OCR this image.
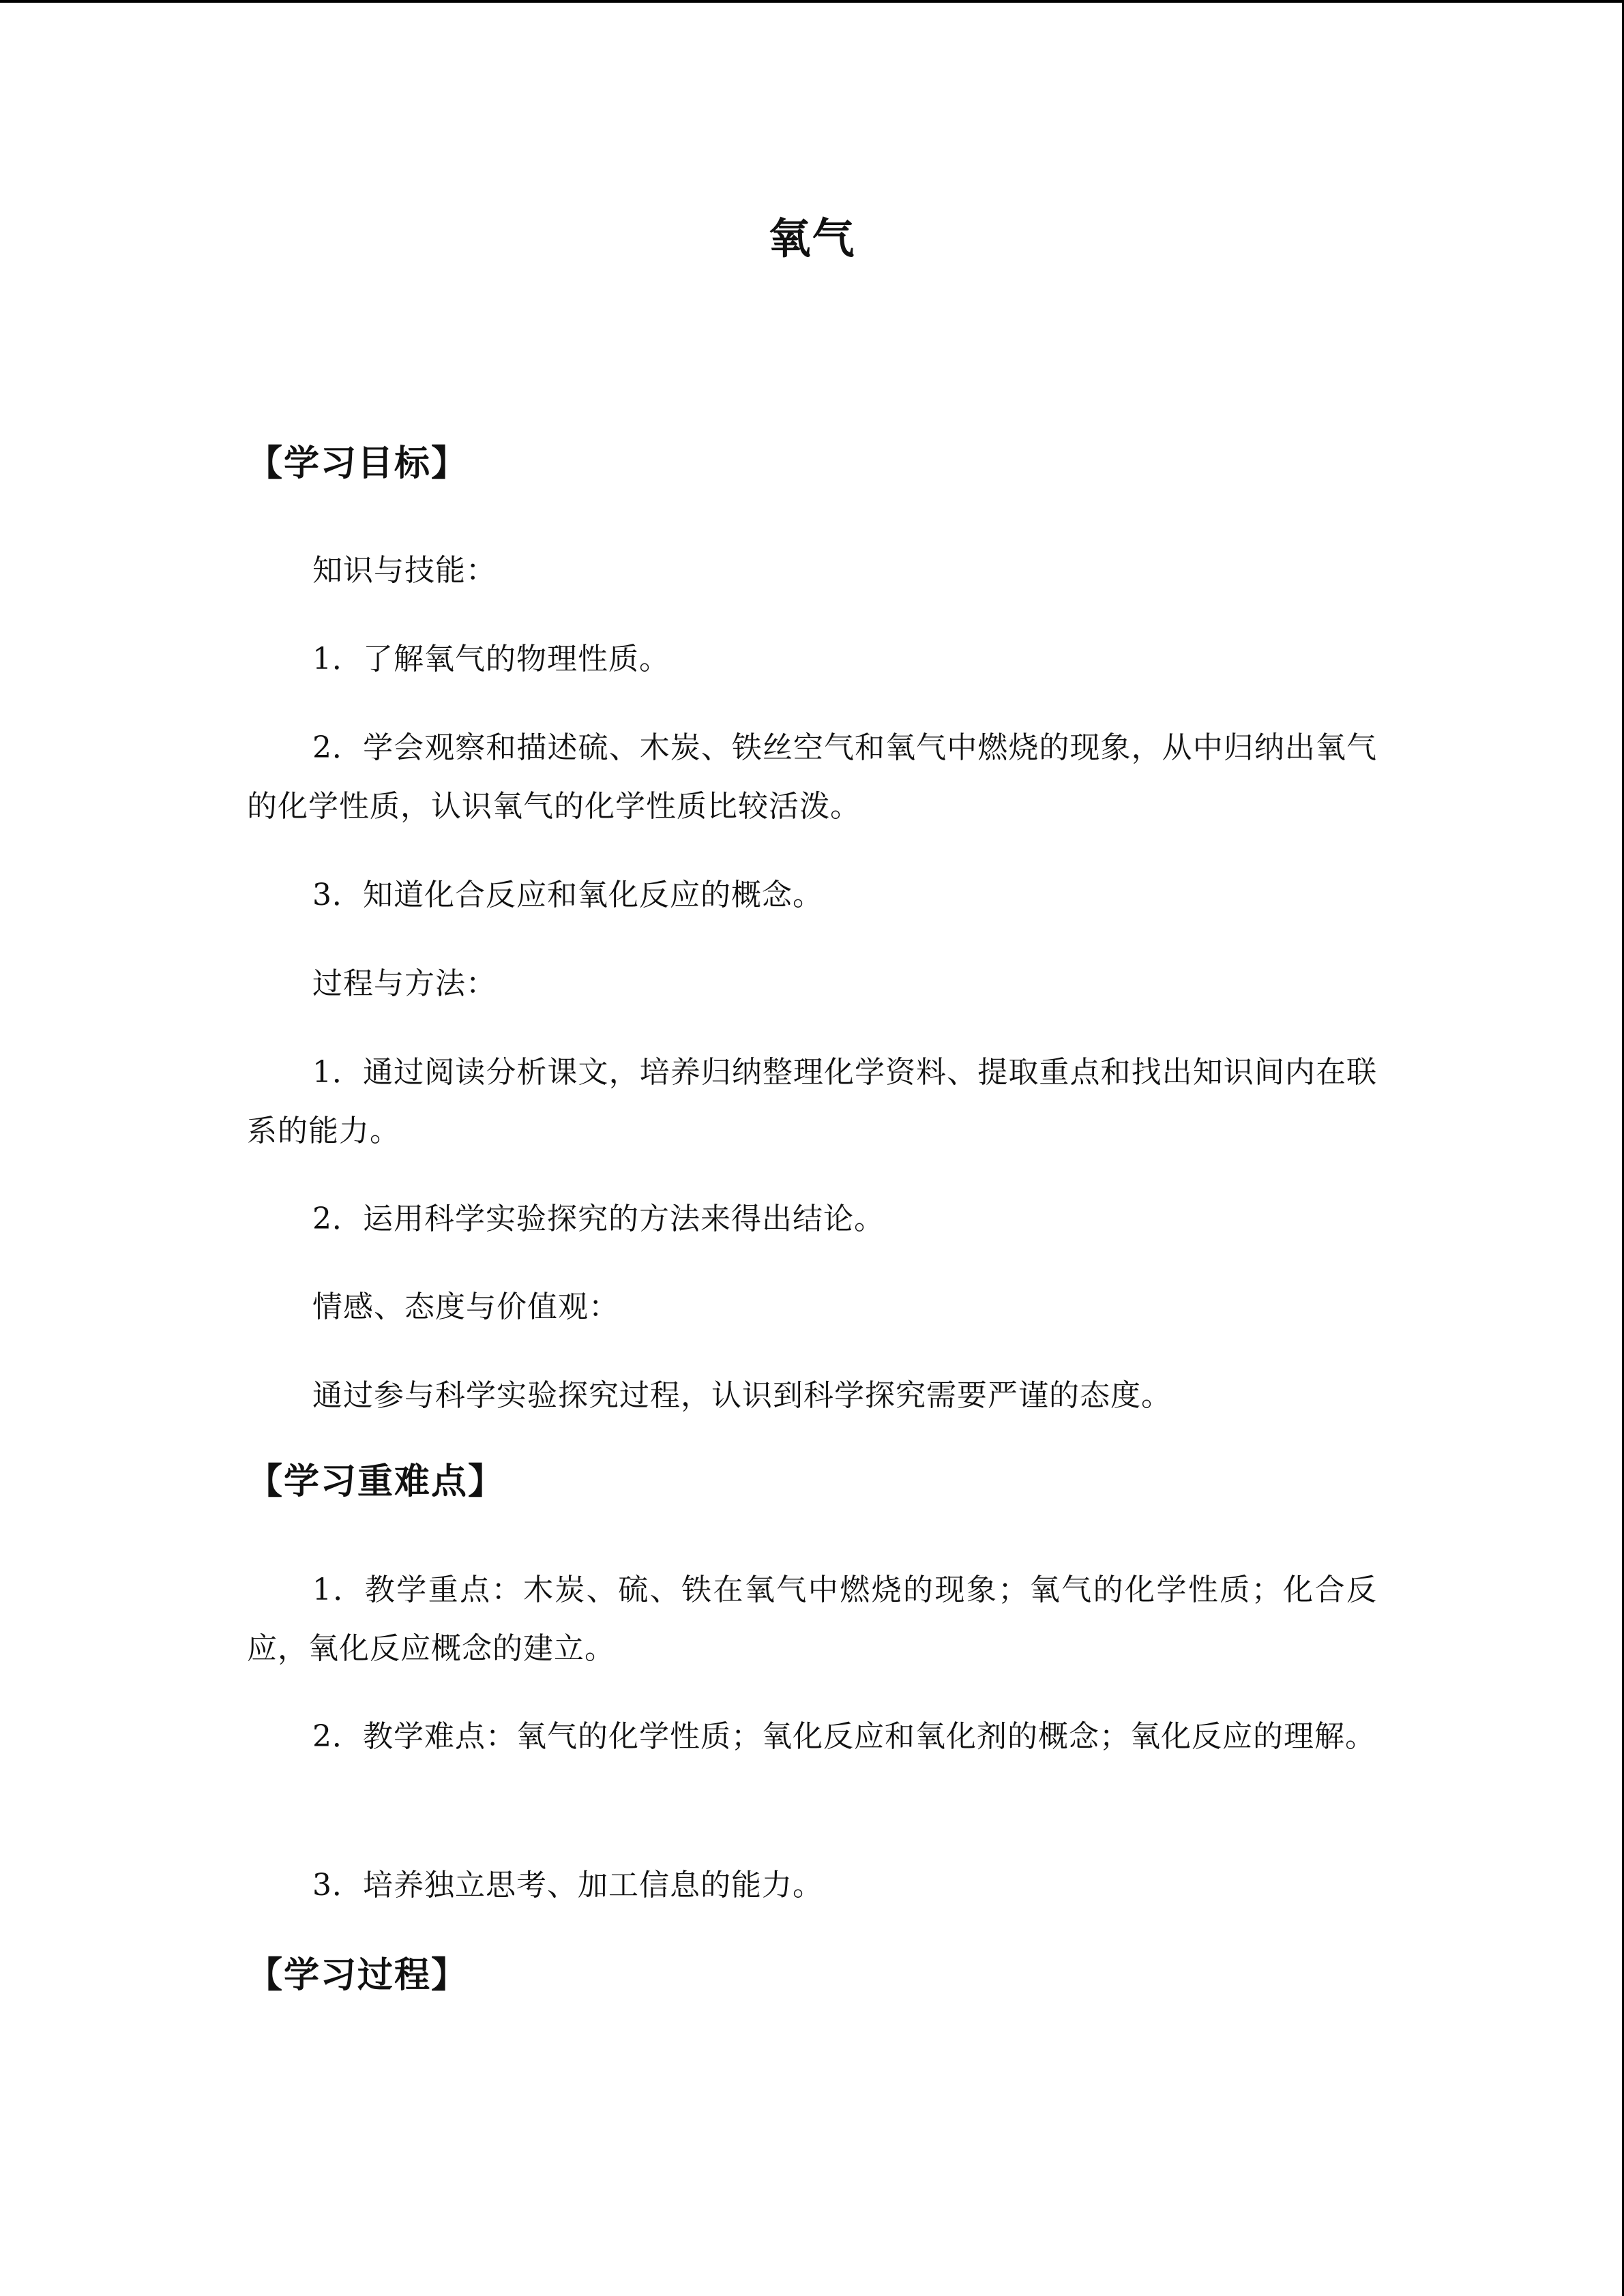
氧气
【学习目标】
知识与技能：
1．了解氧气的物理性质。
2．学会观察和描述硫、木炭、铁丝空气和氧气中燃烧的现象，从中归纳出氧气的化学性质，认识氧气的化学性质比较活泼。
3．知道化合反应和氧化反应的概念。
过程与方法：
1．通过阅读分析课文，培养归纳整理化学资料、提取重点和找出知识间内在联系的能力。
2．运用科学实验探究的方法来得出结论。
情感、态度与价值观：
通过参与科学实验探究过程，认识到科学探究需要严谨的态度。
【学习重难点】
1．教学重点：木炭、硫、铁在氧气中燃烧的现象；氧气的化学性质；化合反应，氧化反应概念的建立。
2．教学难点：氧气的化学性质；氧化反应和氧化剂的概念；氧化反应的理解。
3．培养独立思考、加工信息的能力。
【学习过程】
